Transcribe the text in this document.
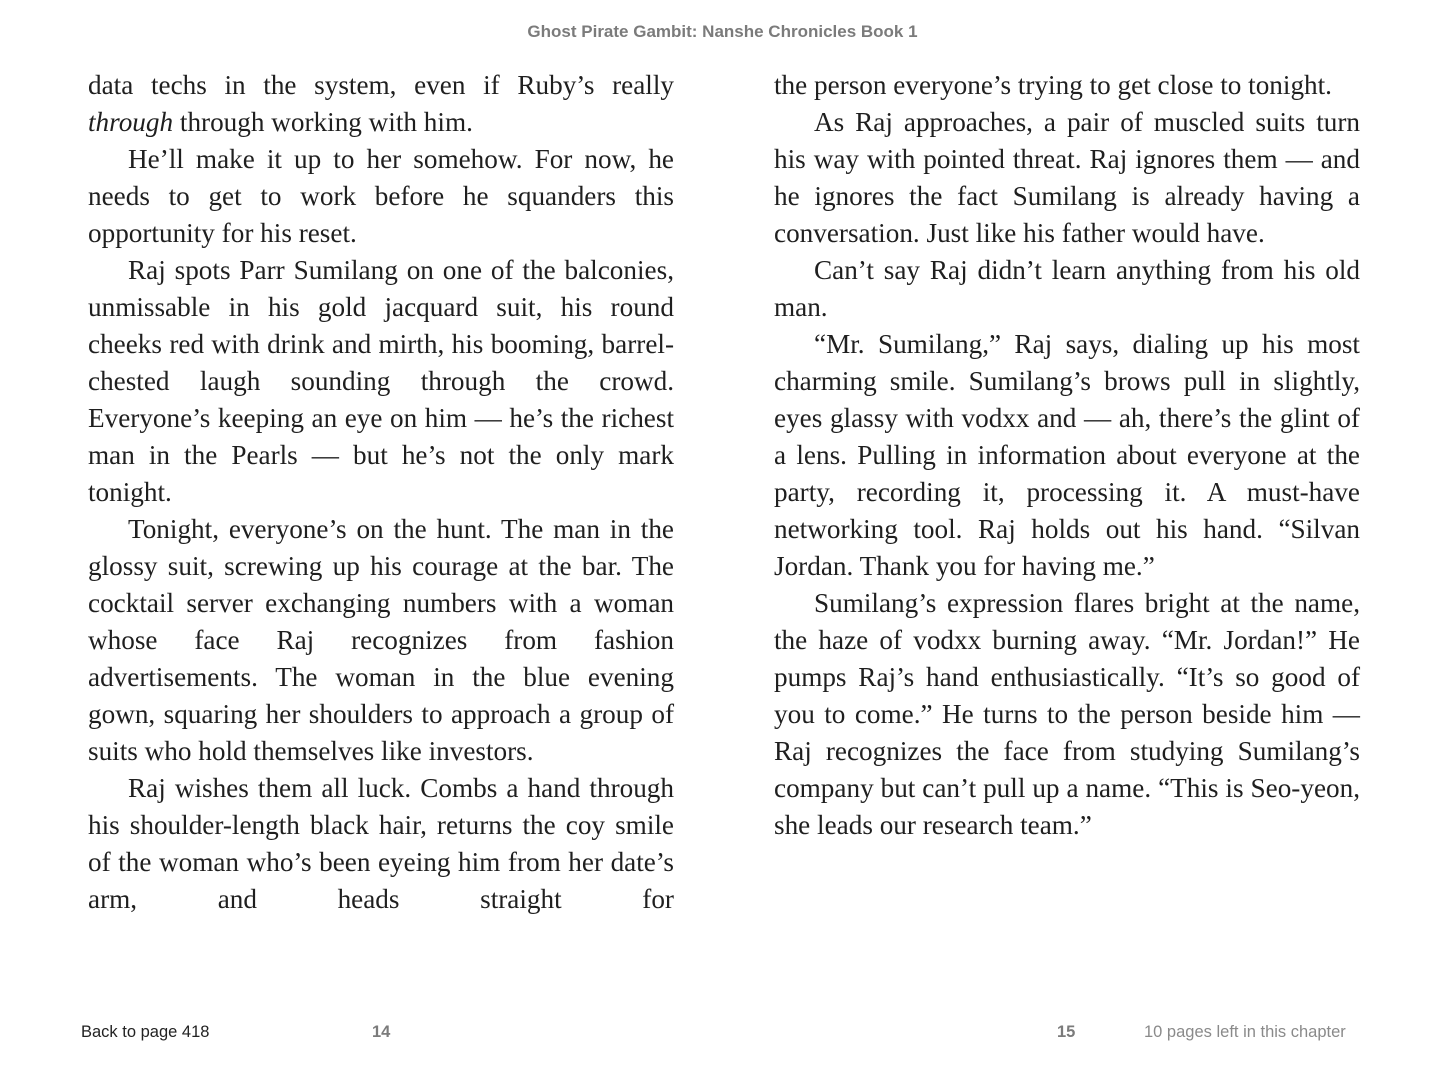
Ghost Pirate Gambit: Nanshe Chronicles Book 1

data techs in the system, even if Ruby’s really through through working with him.

He’ll make it up to her somehow. For now, he needs to get to work before he squanders this opportunity for his reset.

Raj spots Parr Sumilang on one of the balconies, unmissable in his gold jacquard suit, his round cheeks red with drink and mirth, his booming, barrel-chested laugh sounding through the crowd. Everyone’s keeping an eye on him — he’s the richest man in the Pearls — but he’s not the only mark tonight.

Tonight, everyone’s on the hunt. The man in the glossy suit, screwing up his courage at the bar. The cocktail server exchanging numbers with a woman whose face Raj recognizes from fashion advertisements. The woman in the blue evening gown, squaring her shoulders to approach a group of suits who hold themselves like investors.

Raj wishes them all luck. Combs a hand through his shoulder-length black hair, returns the coy smile of the woman who’s been eyeing him from her date’s arm, and heads straight for

the person everyone’s trying to get close to tonight.

As Raj approaches, a pair of muscled suits turn his way with pointed threat. Raj ignores them — and he ignores the fact Sumilang is already having a conversation. Just like his father would have.

Can’t say Raj didn’t learn anything from his old man.

“Mr. Sumilang,” Raj says, dialing up his most charming smile. Sumilang’s brows pull in slightly, eyes glassy with vodxx and — ah, there’s the glint of a lens. Pulling in information about everyone at the party, recording it, processing it. A must-have networking tool. Raj holds out his hand. “Silvan Jordan. Thank you for having me.”

Sumilang’s expression flares bright at the name, the haze of vodxx burning away. “Mr. Jordan!” He pumps Raj’s hand enthusiastically. “It’s so good of you to come.” He turns to the person beside him — Raj recognizes the face from studying Sumilang’s company but can’t pull up a name. “This is Seo-yeon, she leads our research team.”

Back to page 418	14	15	10 pages left in this chapter
